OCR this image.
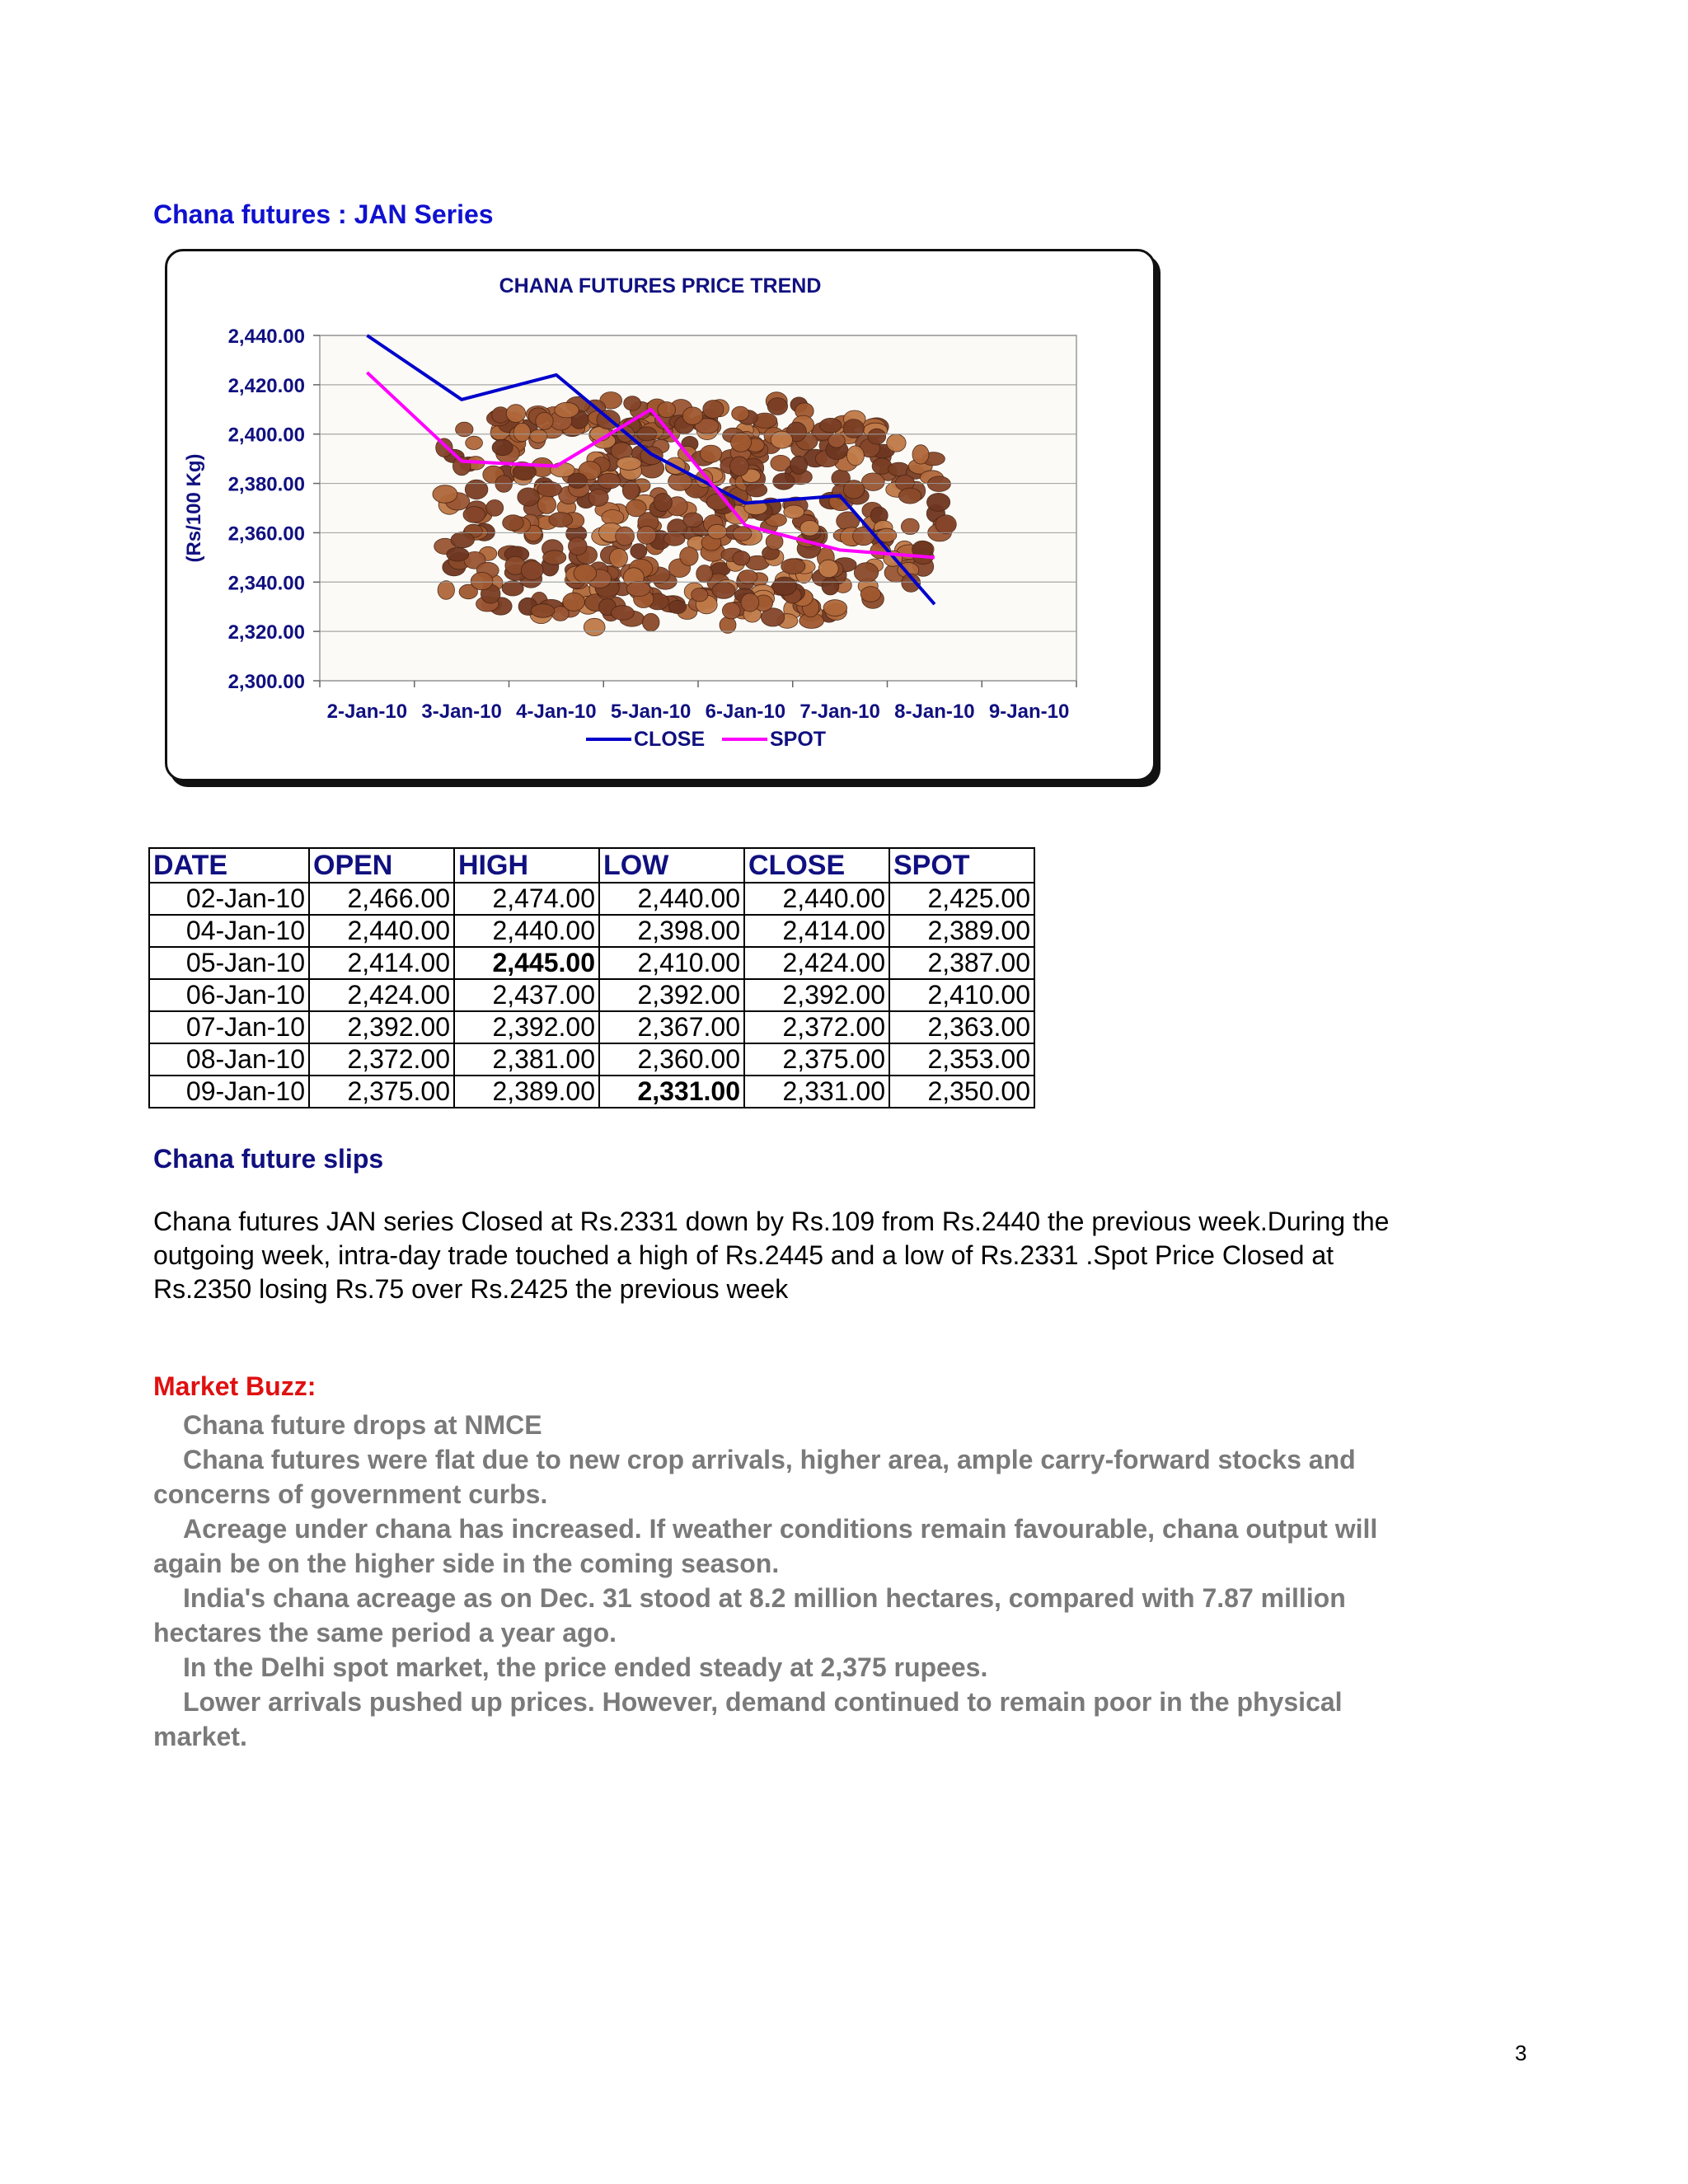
Chana futures : JAN Series
CHANA FUTURES PRICE TREND
2,440.00
2,420.00
2,400.00
2,380.00
2,360.00
2,340.00
2,320.00
2,300.00
(Rs/100 Kg)
2-Jan-10 3-Jan-10 4-Jan-10 5-Jan-10 6-Jan-10 7-Jan-10 8-Jan-10 9-Jan-10
CLOSE	SPOT
DATE	OPEN	HIGH	LOW	CLOSE	SPOT
02-Jan-10	2,466.00	2,474.00	2,440.00	2,440.00	2,425.00
04-Jan-10	2,440.00	2,440.00	2,398.00	2,414.00	2,389.00
05-Jan-10	2,414.00	2,445.00	2,410.00	2,424.00	2,387.00
06-Jan-10	2,424.00	2,437.00	2,392.00	2,392.00	2,410.00
07-Jan-10	2,392.00	2,392.00	2,367.00	2,372.00	2,363.00
08-Jan-10	2,372.00	2,381.00	2,360.00	2,375.00	2,353.00
09-Jan-10	2,375.00	2,389.00	2,331.00	2,331.00	2,350.00
Chana future slips
Chana futures JAN series Closed at Rs.2331 down by Rs.109 from Rs.2440 the previous week.During the outgoing week, intra-day trade touched a high of Rs.2445 and a low of Rs.2331 .Spot Price Closed at Rs.2350 losing Rs.75 over Rs.2425 the previous week
Market Buzz:

Chana future drops at NMCE

Chana futures were flat due to new crop arrivals, higher area, ample carry-forward stocks and concerns of government curbs.

Acreage under chana has increased. If weather conditions remain favourable, chana output will again be on the higher side in the coming season.

India's chana acreage as on Dec. 31 stood at 8.2 million hectares, compared with 7.87 million hectares the same period a year ago.

In the Delhi spot market, the price ended steady at 2,375 rupees.

Lower arrivals pushed up prices. However, demand continued to remain poor in the physical market.

3
